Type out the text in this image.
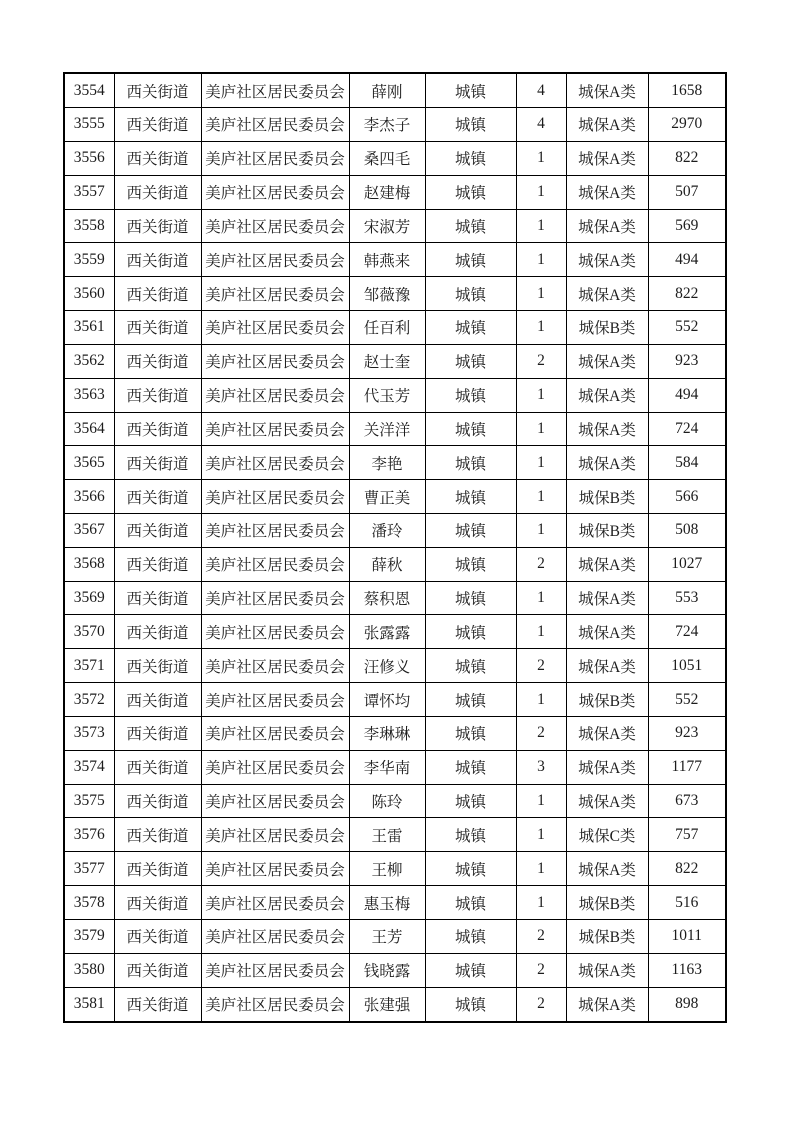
3554	西关街道	美庐社区居民委员会	薛刚	城镇	4	城保A类	1658
3555	西关街道	美庐社区居民委员会	李杰子	城镇	4	城保A类	2970
3556	西关街道	美庐社区居民委员会	桑四毛	城镇	1	城保A类	822
3557	西关街道	美庐社区居民委员会	赵建梅	城镇	1	城保A类	507
3558	西关街道	美庐社区居民委员会	宋淑芳	城镇	1	城保A类	569
3559	西关街道	美庐社区居民委员会	韩燕来	城镇	1	城保A类	494
3560	西关街道	美庐社区居民委员会	邹薇豫	城镇	1	城保A类	822
3561	西关街道	美庐社区居民委员会	任百利	城镇	1	城保B类	552
3562	西关街道	美庐社区居民委员会	赵士奎	城镇	2	城保A类	923
3563	西关街道	美庐社区居民委员会	代玉芳	城镇	1	城保A类	494
3564	西关街道	美庐社区居民委员会	关洋洋	城镇	1	城保A类	724
3565	西关街道	美庐社区居民委员会	李艳	城镇	1	城保A类	584
3566	西关街道	美庐社区居民委员会	曹正美	城镇	1	城保B类	566
3567	西关街道	美庐社区居民委员会	潘玲	城镇	1	城保B类	508
3568	西关街道	美庐社区居民委员会	薛秋	城镇	2	城保A类	1027
3569	西关街道	美庐社区居民委员会	蔡积恩	城镇	1	城保A类	553
3570	西关街道	美庐社区居民委员会	张露露	城镇	1	城保A类	724
3571	西关街道	美庐社区居民委员会	汪修义	城镇	2	城保A类	1051
3572	西关街道	美庐社区居民委员会	谭怀均	城镇	1	城保B类	552
3573	西关街道	美庐社区居民委员会	李琳琳	城镇	2	城保A类	923
3574	西关街道	美庐社区居民委员会	李华南	城镇	3	城保A类	1177
3575	西关街道	美庐社区居民委员会	陈玲	城镇	1	城保A类	673
3576	西关街道	美庐社区居民委员会	王雷	城镇	1	城保C类	757
3577	西关街道	美庐社区居民委员会	王柳	城镇	1	城保A类	822
3578	西关街道	美庐社区居民委员会	惠玉梅	城镇	1	城保B类	516
3579	西关街道	美庐社区居民委员会	王芳	城镇	2	城保B类	1011
3580	西关街道	美庐社区居民委员会	钱晓露	城镇	2	城保A类	1163
3581	西关街道	美庐社区居民委员会	张建强	城镇	2	城保A类	898
